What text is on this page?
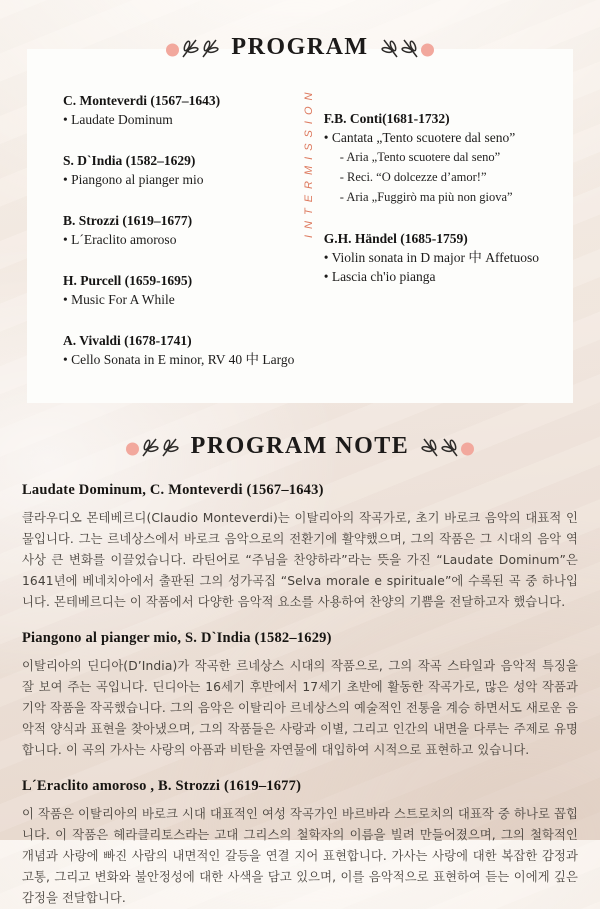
PROGRAM
C. Monteverdi (1567–1643)
• Laudate Dominum
S. D`India (1582–1629)
• Piangono al pianger mio
B. Strozzi (1619–1677)
• L´Eraclito amoroso
H. Purcell (1659-1695)
• Music For A While
A. Vivaldi (1678-1741)
• Cello Sonata in E minor, RV 40 中 Largo
INTERMISSION F.B. Conti(1681-1732)
• Cantata „Tento scuotere dal seno”
- Aria „Tento scuotere dal seno”
- Reci. “O dolcezze d’amor!”
- Aria „Fuggirò ma più non giova”
G.H. Händel (1685-1759)
• Violin sonata in D major 中 Affetuoso
• Lascia ch'io pianga
PROGRAM NOTE
Laudate Dominum, C. Monteverdi (1567–1643)

클라우디오 몬테베르디(Claudio Monteverdi)는 이탈리아의 작곡가로, 초기 바로크 음악의 대표적 인물입니다. 그는 르네상스에서 바로크 음악으로의 전환기에 활약했으며, 그의 작품은 그 시대의 음악 역사상 큰 변화를 이끌었습니다. 라틴어로 “주님을 찬양하라”라는 뜻을 가진 “Laudate Dominum”은 1641년에 베네치아에서 출판된 그의 성가곡집 “Selva morale e spirituale”에 수록된 곡 중 하나입니다. 몬테베르디는 이 작품에서 다양한 음악적 요소를 사용하여 찬양의 기쁨을 전달하고자 했습니다.

Piangono al pianger mio, S. D`India (1582–1629)

이탈리아의 딘디아(D’India)가 작곡한 르네상스 시대의 작품으로, 그의 작곡 스타일과 음악적 특징을 잘 보여 주는 곡입니다. 딘디아는 16세기 후반에서 17세기 초반에 활동한 작곡가로, 많은 성악 작품과 기악 작품을 작곡했습니다. 그의 음악은 이탈리아 르네상스의 예술적인 전통을 계승 하면서도 새로운 음악적 양식과 표현을 찾아냈으며, 그의 작품들은 사랑과 이별, 그리고 인간의 내면을 다루는 주제로 유명합니다. 이 곡의 가사는 사랑의 아픔과 비탄을 자연물에 대입하여 시적으로 표현하고 있습니다.

L´Eraclito amoroso , B. Strozzi (1619–1677)

이 작품은 이탈리아의 바로크 시대 대표적인 여성 작곡가인 바르바라 스트로치의 대표작 중 하나로 꼽힙니다. 이 작품은 헤라클리토스라는 고대 그리스의 철학자의 이름을 빌려 만들어졌으며, 그의 철학적인 개념과 사랑에 빠진 사람의 내면적인 갈등을 연결 지어 표현합니다. 가사는 사랑에 대한 복잡한 감정과 고통, 그리고 변화와 불안정성에 대한 사색을 담고 있으며, 이를 음악적으로 표현하여 듣는 이에게 깊은 감정을 전달합니다.
